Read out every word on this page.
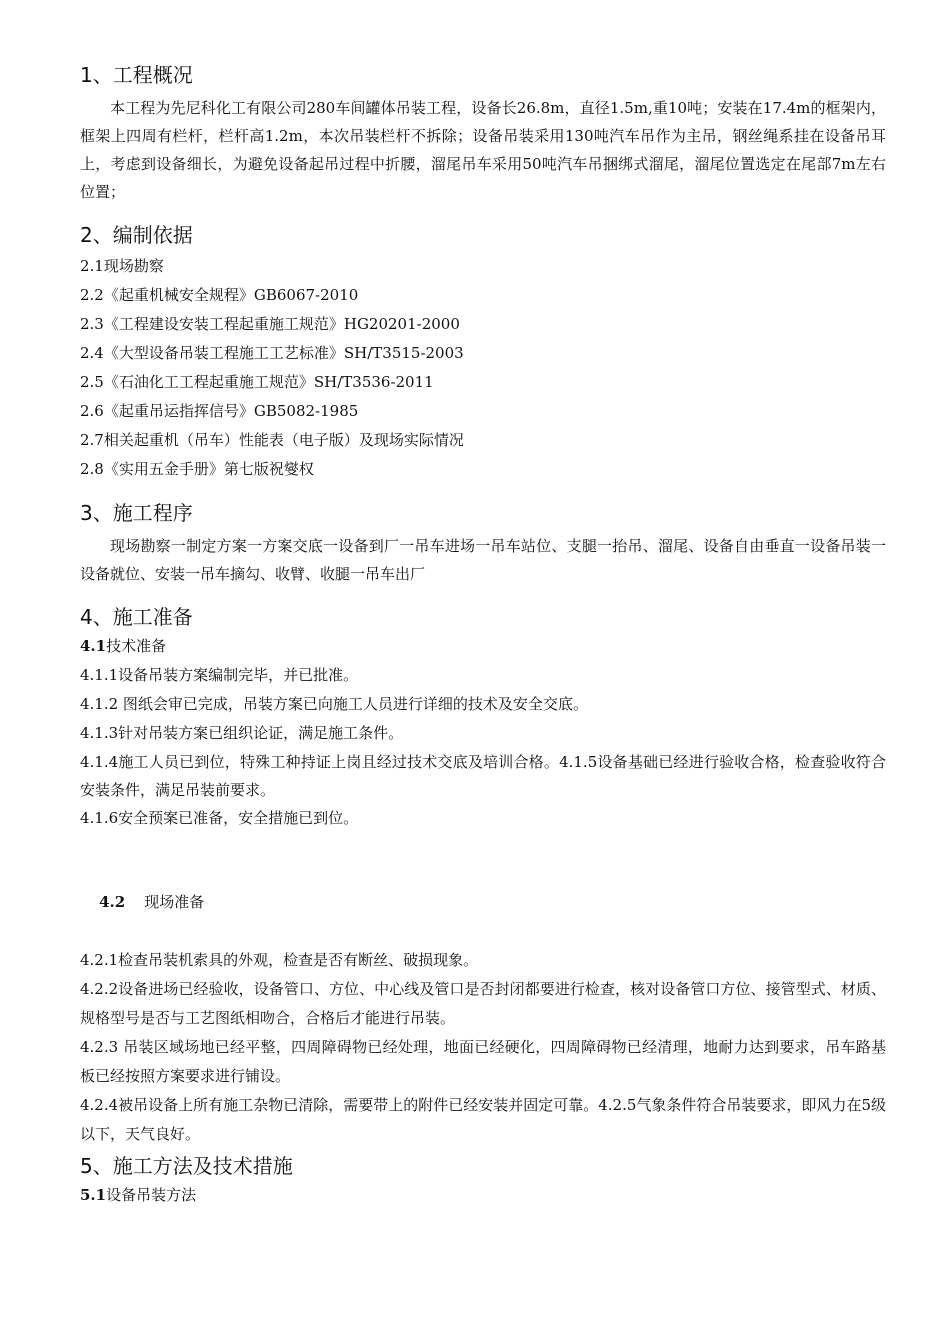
1、工程概况

本工程为先尼科化工有限公司280车间罐体吊装工程，设备长26.8m，直径1.5m,重10吨；安装在17.4m的框架内，框架上四周有栏杆，栏杆高1.2m，本次吊装栏杆不拆除；设备吊装采用130吨汽车吊作为主吊，钢丝绳系挂在设备吊耳上，考虑到设备细长，为避免设备起吊过程中折腰，溜尾吊车采用50吨汽车吊捆绑式溜尾，溜尾位置选定在尾部7m左右位置；

2、编制依据

2.1现场勘察

2.2《起重机械安全规程》GB6067-2010

2.3《工程建设安装工程起重施工规范》HG20201-2000

2.4《大型设备吊装工程施工工艺标准》SH/T3515-2003

2.5《石油化工工程起重施工规范》SH/T3536-2011

2.6《起重吊运指挥信号》GB5082-1985

2.7相关起重机（吊车）性能表（电子版）及现场实际情况

2.8《实用五金手册》第七版祝燮权

3、施工程序

现场勘察一制定方案一方案交底一设备到厂一吊车进场一吊车站位、支腿一抬吊、溜尾、设备自由垂直一设备吊装一设备就位、安装一吊车摘勾、收臂、收腿一吊车出厂

4、施工准备

4.1技术准备

4.1.1设备吊装方案编制完毕，并已批准。

4.1.2 图纸会审已完成，吊装方案已向施工人员进行详细的技术及安全交底。

4.1.3针对吊装方案已组织论证，满足施工条件。

4.1.4施工人员已到位，特殊工种持证上岗且经过技术交底及培训合格。4.1.5设备基础已经进行验收合格，检查验收符合安装条件，满足吊装前要求。

4.1.6安全预案已准备，安全措施已到位。

4.2    现场准备

4.2.1检查吊装机索具的外观，检查是否有断丝、破损现象。

4.2.2设备进场已经验收，设备管口、方位、中心线及管口是否封闭都要进行检查，核对设备管口方位、接管型式、材质、规格型号是否与工艺图纸相吻合，合格后才能进行吊装。

4.2.3 吊装区域场地已经平整，四周障碍物已经处理，地面已经硬化，四周障碍物已经清理，地耐力达到要求，吊车路基板已经按照方案要求进行铺设。

4.2.4被吊设备上所有施工杂物已清除，需要带上的附件已经安装并固定可靠。4.2.5气象条件符合吊装要求，即风力在5级以下，天气良好。

5、施工方法及技术措施

5.1设备吊装方法
